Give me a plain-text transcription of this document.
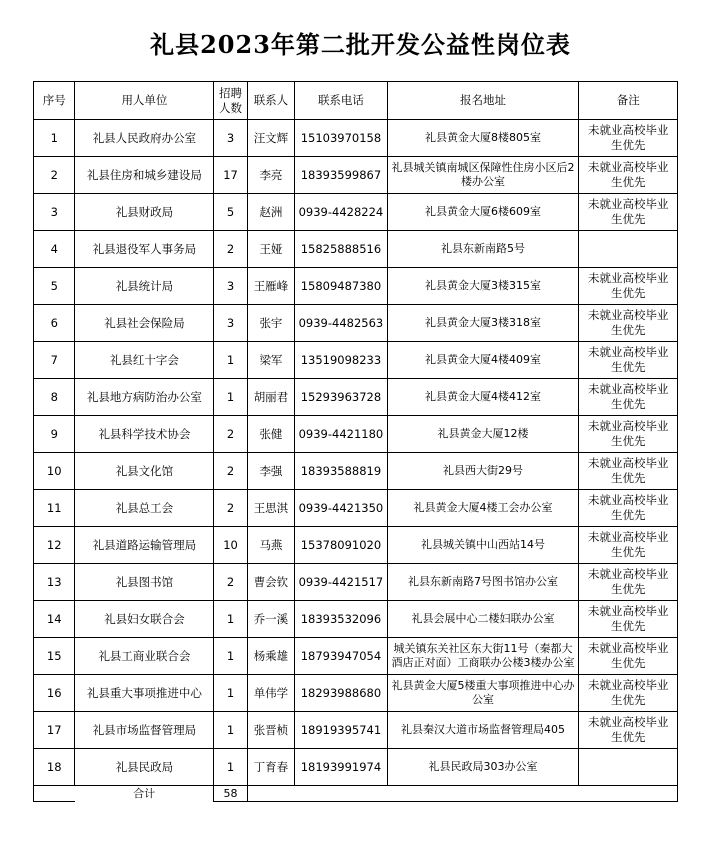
礼县2023年第二批开发公益性岗位表
序号	用人单位	招聘人数	联系人	联系电话	报名地址	备注
1	礼县人民政府办公室	3	汪文辉	15103970158	礼县黄金大厦8楼805室	未就业高校毕业生优先
2	礼县住房和城乡建设局	17	李亮	18393599867	礼县城关镇南城区保障性住房小区后2楼办公室	未就业高校毕业生优先
3	礼县财政局	5	赵洲	0939-4428224	礼县黄金大厦6楼609室	未就业高校毕业生优先
4	礼县退役军人事务局	2	王娅	15825888516	礼县东新南路5号	
5	礼县统计局	3	王雁峰	15809487380	礼县黄金大厦3楼315室	未就业高校毕业生优先
6	礼县社会保险局	3	张宇	0939-4482563	礼县黄金大厦3楼318室	未就业高校毕业生优先
7	礼县红十字会	1	梁军	13519098233	礼县黄金大厦4楼409室	未就业高校毕业生优先
8	礼县地方病防治办公室	1	胡丽君	15293963728	礼县黄金大厦4楼412室	未就业高校毕业生优先
9	礼县科学技术协会	2	张健	0939-4421180	礼县黄金大厦12楼	未就业高校毕业生优先
10	礼县文化馆	2	李强	18393588819	礼县西大街29号	未就业高校毕业生优先
11	礼县总工会	2	王思淇	0939-4421350	礼县黄金大厦4楼工会办公室	未就业高校毕业生优先
12	礼县道路运输管理局	10	马燕	15378091020	礼县城关镇中山西站14号	未就业高校毕业生优先
13	礼县图书馆	2	曹会钦	0939-4421517	礼县东新南路7号图书馆办公室	未就业高校毕业生优先
14	礼县妇女联合会	1	乔一溪	18393532096	礼县会展中心二楼妇联办公室	未就业高校毕业生优先
15	礼县工商业联合会	1	杨乘雄	18793947054	城关镇东关社区东大街11号（秦都大酒店正对面）工商联办公楼3楼办公室	未就业高校毕业生优先
16	礼县重大事项推进中心	1	单伟学	18293988680	礼县黄金大厦5楼重大事项推进中心办公室	未就业高校毕业生优先
17	礼县市场监督管理局	1	张晋桢	18919395741	礼县秦汉大道市场监督管理局405	未就业高校毕业生优先
18	礼县民政局	1	丁育春	18193991974	礼县民政局303办公室	
	合计	58				
